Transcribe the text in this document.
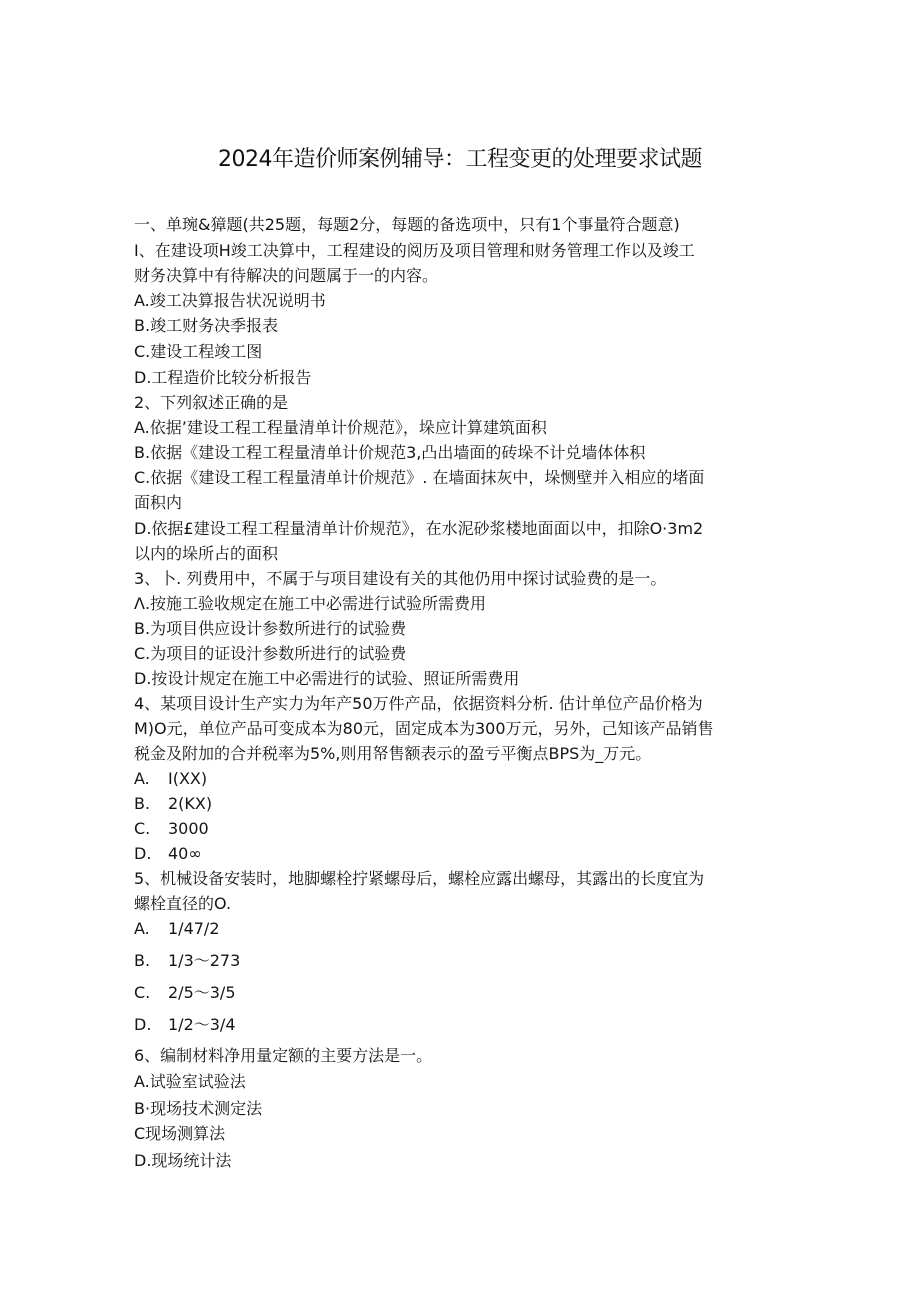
2024年造价师案例辅导：工程变更的处理要求试题
一、单琬&獐题(共25题，每题2分，每题的备选项中，只有1个事量符合题意)
I、在建设项H竣工决算中，工程建设的阅历及项目管理和财务管理工作以及竣工
财务决算中有待解决的问题属于一的内容。
A.竣工决算报告状况说明书
B.竣工财务决季报表
C.建设工程竣工图
D.工程造价比较分析报告
2、下列叙述正确的是
A.依据’建设工程工程量清单计价规范》，垛应计算建筑面积
B.依据《建设工程工程量清单计价规范3,凸出墙面的砖垛不计兑墙体体积
C.依据《建设工程工程量清单计价规范》. 在墙面抹灰中，垛恻壁并入相应的堵面
面积内
D.依据£建设工程工程量清单计价规范》，在水泥砂浆楼地面面以中，扣除O·3m2
以内的垛所占的面积
3、卜. 列费用中，不属于与项目建设有关的其他仍用中探讨试验费的是一。
Λ.按施工验收规定在施工中必需进行试验所需费用
B.为项目供应设计参数所进行的试验费
C.为项目的证设汁参数所进行的试验费
D.按设计规定在施工中必需进行的试验、照证所需费用
4、某项目设计生产实力为年产50万件产品，依据资料分析. 估计单位产品价格为
M)O元，单位产品可变成本为80元，固定成本为300万元，另外，己知该产品销售
税金及附加的合并税率为5%,则用帑售额表示的盈亏平衡点BPS为_万元。
A. I(XX)
B. 2(KX)
C. 3000
D. 40∞
5、机械设备安装时，地脚螺栓拧紧螺母后，螺栓应露出螺母，其露出的长度宜为
螺栓直径的O.
A. 1/47/2
B. 1/3〜273
C. 2/5〜3/5
D. 1/2〜3/4
6、编制材料净用量定额的主要方法是一。
A.试验室试验法
B·现场技术测定法
C现场测算法
D.现场统计法
